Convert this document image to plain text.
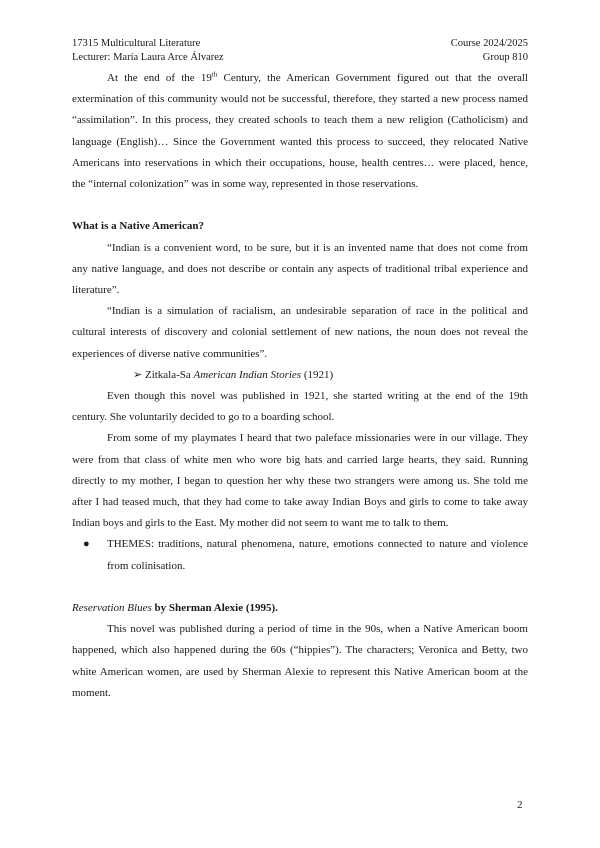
17315 Multicultural Literature	Course 2024/2025
Lecturer: María Laura Arce Álvarez	Group 810

At the end of the 19th Century, the American Government figured out that the overall extermination of this community would not be successful, therefore, they started a new process named “assimilation”. In this process, they created schools to teach them a new religion (Catholicism) and language (English)… Since the Government wanted this process to succeed, they relocated Native Americans into reservations in which their occupations, house, health centres… were placed, hence, the “internal colonization” was in some way, represented in those reservations.

What is a Native American?

“Indian is a convenient word, to be sure, but it is an invented name that does not come from any native language, and does not describe or contain any aspects of traditional tribal experience and literature”.

“Indian is a simulation of racialism, an undesirable separation of race in the political and cultural interests of discovery and colonial settlement of new nations, the noun does not reveal the experiences of diverse native communities”.

➢ Zitkala-Sa American Indian Stories (1921)

Even though this novel was published in 1921, she started writing at the end of the 19th century. She voluntarily decided to go to a boarding school.

From some of my playmates I heard that two paleface missionaries were in our village. They were from that class of white men who wore big hats and carried large hearts, they said. Running directly to my mother, I began to question her why these two strangers were among us. She told me after I had teased much, that they had come to take away Indian Boys and girls to come to take away Indian boys and girls to the East. My mother did not seem to want me to talk to them.

●	THEMES: traditions, natural phenomena, nature, emotions connected to nature and violence from colinisation.

Reservation Blues by Sherman Alexie (1995).

This novel was published during a period of time in the 90s, when a Native American boom happened, which also happened during the 60s (“hippies”). The characters; Veronica and Betty, two white American women, are used by Sherman Alexie to represent this Native American boom at the moment.

2
